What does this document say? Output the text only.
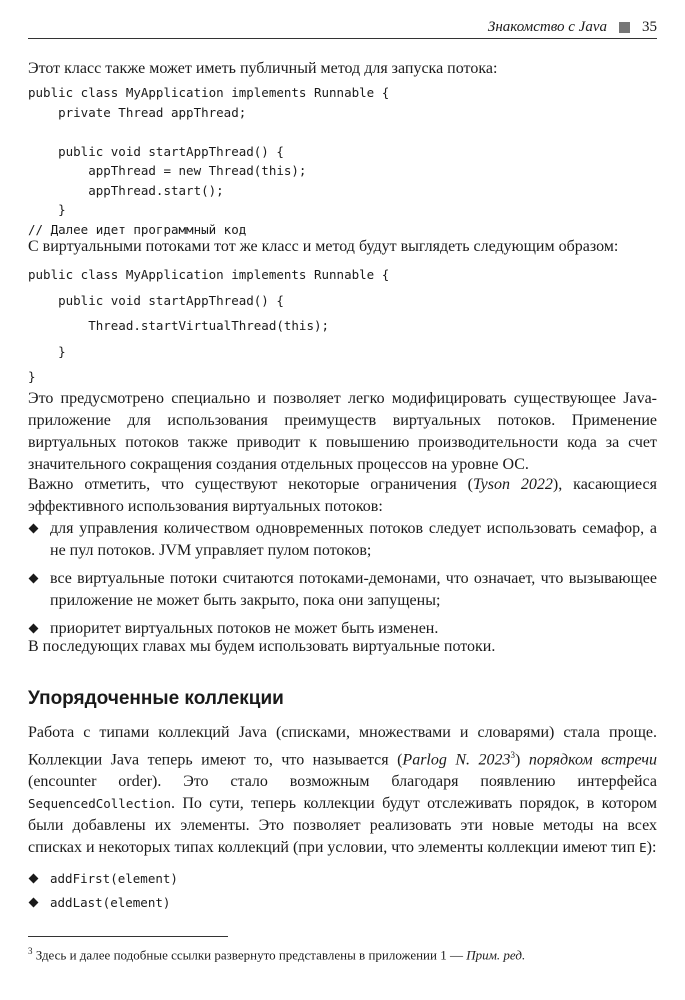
Знакомство с Java 35

Этот класс также может иметь публичный метод для запуска потока:

public class MyApplication implements Runnable {
private Thread appThread;

public void startAppThread() {
appThread = new Thread(this);
appThread.start();
}
// Далее идет программный код

С виртуальными потоками тот же класс и метод будут выглядеть следующим образом:

public class MyApplication implements Runnable {
public void startAppThread() {
Thread.startVirtualThread(this);
}
}

Это предусмотрено специально и позволяет легко модифицировать существующее Java-приложение для использования преимуществ виртуальных потоков. Применение виртуальных потоков также приводит к повышению производительности кода за счет значительного сокращения создания отдельных процессов на уровне ОС.

Важно отметить, что существуют некоторые ограничения (Tyson 2022), касающиеся эффективного использования виртуальных потоков:

для управления количеством одновременных потоков следует использовать семафор, а не пул потоков. JVM управляет пулом потоков;
все виртуальные потоки считаются потоками-демонами, что означает, что вызывающее приложение не может быть закрыто, пока они запущены;
приоритет виртуальных потоков не может быть изменен.

В последующих главах мы будем использовать виртуальные потоки.

Упорядоченные коллекции

Работа с типами коллекций Java (списками, множествами и словарями) стала проще. Коллекции Java теперь имеют то, что называется (Parlog N. 2023$^3$) порядком встречи (encounter order). Это стало возможным благодаря появлению интерфейса SequencedCollection. По сути, теперь коллекции будут отслеживать порядок, в котором были добавлены их элементы. Это позволяет реализовать эти новые методы на всех списках и некоторых типах коллекций (при условии, что элементы коллекции имеют тип E):

addFirst(element)
addLast(element)
$^3$ Здесь и далее подобные ссылки развернуто представлены в приложении 1 — Прим. ред.
